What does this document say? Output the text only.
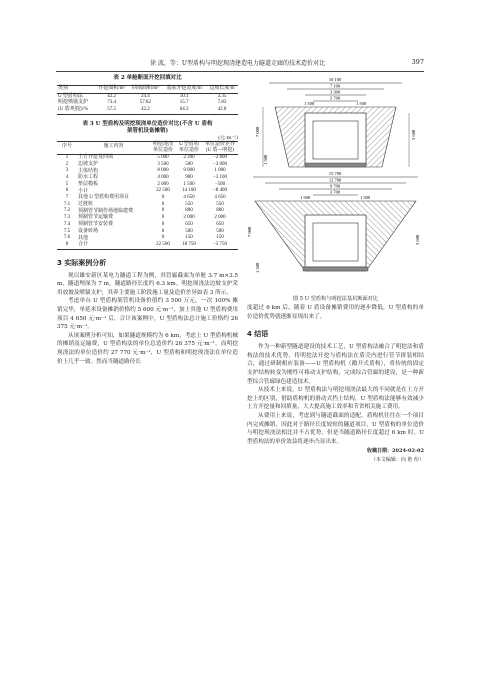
徐 波，等：U型盾构与明挖现浇建造电力隧道走廊的技术造价对比	397
表 2 单舱断面开挖回填对比
类别	开挖面积/m²	回填面积/m²	基底开挖宽度/m	边坡长度/m
U 型盾构法	42.2	24.4	10.1	3.35
明挖喷锚支护	73.4	57.82	15.7	7.83
(U 盾/明挖)/%	57.5	42.2	64.3	42.8
表 3 U 型盾构及明挖现浇单位造价对比(不含 U 盾构
架管机设备摊销)
(元·m⁻¹)
序号	施工内容	明挖现浇单位造价	U 型盾构单位造价	单位造价差异(U 盾—明挖)
1	土方开挖及回填	5 000	2 200	−2 800
2	边坡支护	3 500	500	−3 000
3	主体结构	8 000	9 000	1 000
4	防水工程	4 000	900	−3 100
5	垫层模板	2 000	1 500	−500
6	小计	22 500	14 100	−8 400
7	其他 U 型盾构费用项目	0	4 650	4 650
7.1	过渡桩	0	550	550
7.2	预制管节制作场地临建费	0	800	800
7.3	预制管节运输费	0	2 000	2 000
7.4	预制管节安装费	0	650	650
7.5	设备转场	0	500	500
7.6	其他	0	150	150
8	合计	22 500	18 750	−3 750
3 实际案例分析

现以雄安新区某电力隧道工程为例，其管廊截面为单舱 3.7 m×3.5 m，隧道埋深为 7 m，隧道路径长度约 6.3 km。明挖现浇法边坡支护采用放坡及喷锚支护，其养主要施工阶段施工量及造价差异如表 3 所示。

考虑单台 U 型盾构架管机设备价值约 3 500 万元，一次 100% 摊销完毕，单延米设备摊销价格约 5 600 元·m⁻¹，加上其他 U 型盾构费用项目 4 650 元·m⁻¹ 后，合计该案例中，U 型盾构法总计施工价格约 26 375 元·m⁻¹。

从该案例分析可知，如果隧道规模约为 6 km，考虑上 U 型盾构机械的摊销及运输费，U 型盾构法的单位总造价约 26 375 元·m⁻¹，而明挖现浇法的单位造价约 27 770 元·m⁻¹，U 型盾构和明挖现浇法在单位造价上几乎一致。然而当隧道路径长

10 100
7 100
3 300
3 700
1 500	1 500
7 000
1 500
3 600
15 700
12 700
9 700
3 700
1 500	1 500
7 000
1 500
3 600
图 5 U 型盾构与明挖法基坑断面对比

度超过 6 km 后，随着 U 盾设备摊销费用的逐步降低，U 型盾构的单位造价优势就逐渐显现出来了。

4 结语

作为一种新型隧道建设的技术工艺，U 型盾构法融合了明挖法和盾构法的技术优势，将明挖法开挖与盾构法在盾壳内进行管节拼装相结合，通过研制相应装备——U 型盾构机（敞开式盾构），将传统的固定支护结构转变为刚性可移动支护结构，完成综合管廊的建设，是一种新型综合管廊绿色建造技术。

从技术上来说，U 型盾构法与明挖现浇法最大的不同就是在土方开挖上的区别，借助盾构机的滑动式挡土结构，U 型盾构法能够有效减少土方开挖量和回填量，大大提高施工效率和节省相关施工费用。

从费用上来说，考虑到与隧道截面的适配，盾构机往往在一个项目内完成摊销，因此对于路径长度较短的隧道项目，U 型盾构的单位造价与明挖现浇法相比并不占优势，但是当隧道路径长度超过 6 km 时，U 型盾构法的单价效益将逐步凸显出来。

收稿日期：2024-02-02
（本文编辑：向 艳 纷）
